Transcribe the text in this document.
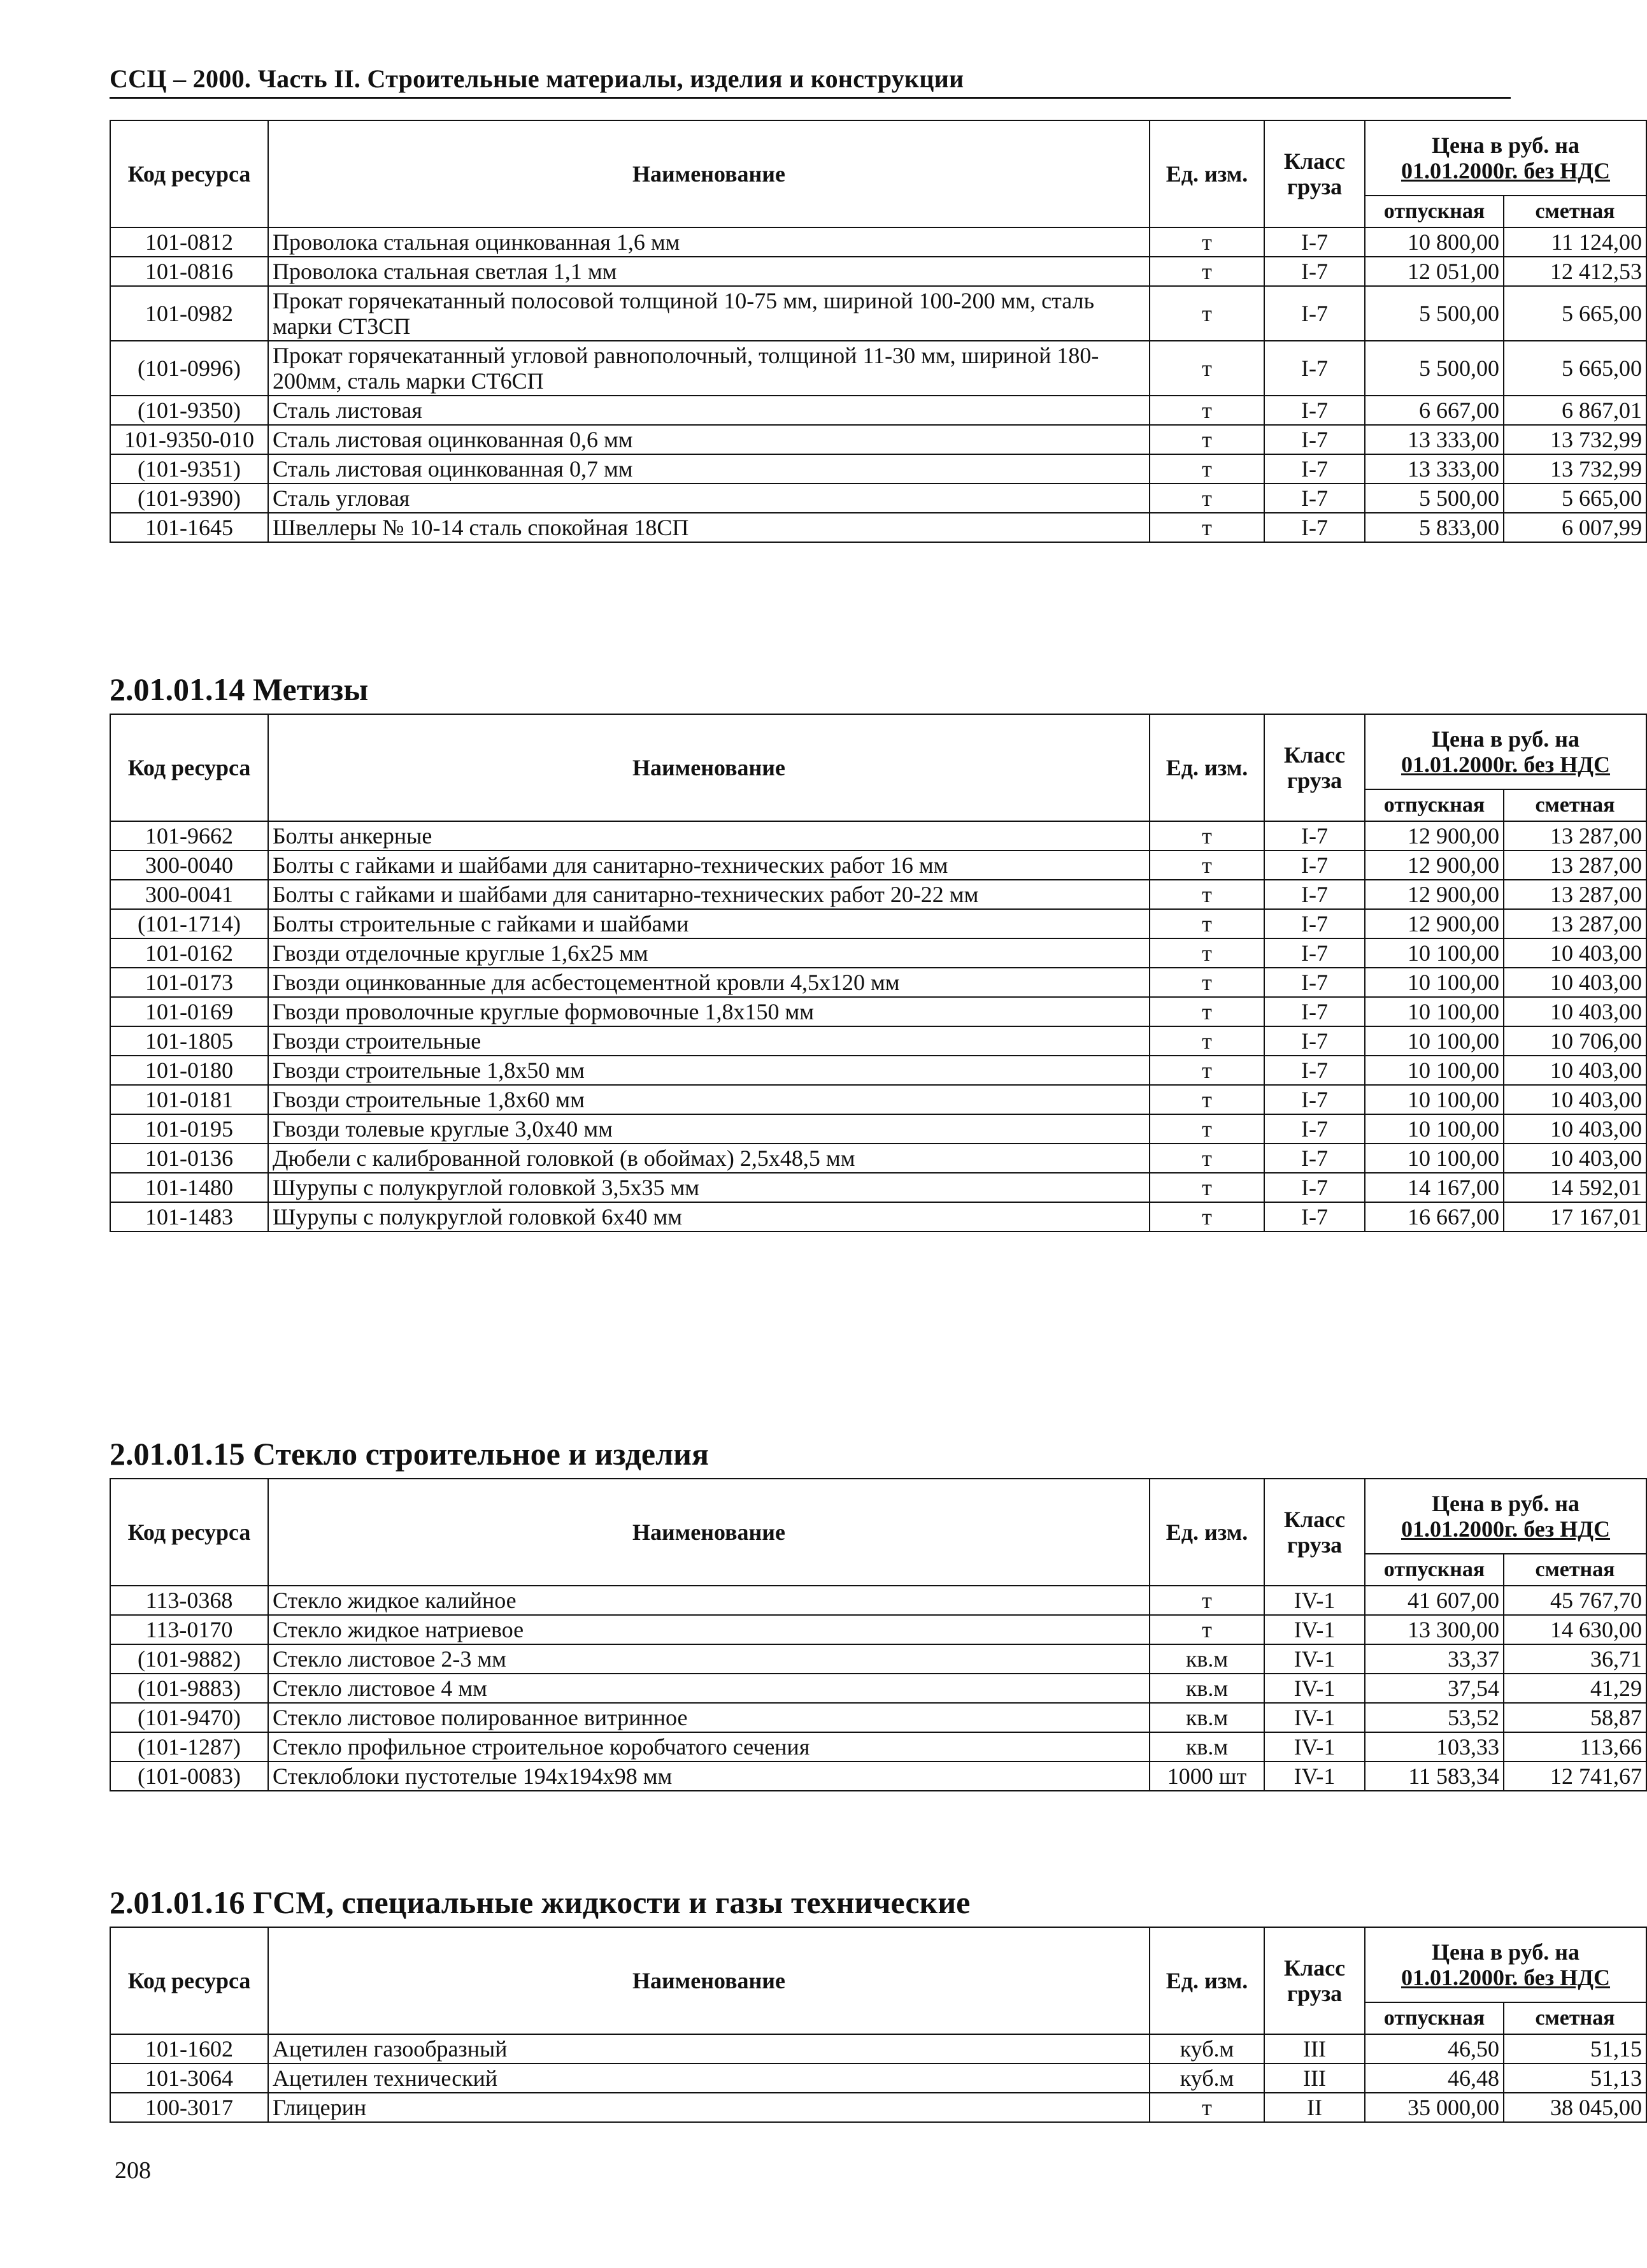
ССЦ – 2000. Часть II. Строительные материалы, изделия и конструкции
Код ресурса	Наименование	Ед. изм.	Класс
груза	Цена в руб. на
01.01.2000г. без НДС	
				отпускная	сметная
101-0812	Проволока стальная оцинкованная 1,6 мм	т	I-7	10 800,00	11 124,00
101-0816	Проволока стальная светлая 1,1 мм	т	I-7	12 051,00	12 412,53
101-0982	Прокат горячекатанный полосовой толщиной 10-75 мм, шириной 100-200 мм, сталь марки СТ3СП	т	I-7	5 500,00	5 665,00
(101-0996)	Прокат горячекатанный угловой равнополочный, толщиной 11-30 мм, шириной 180-200мм, сталь марки СТ6СП	т	I-7	5 500,00	5 665,00
(101-9350)	Сталь листовая	т	I-7	6 667,00	6 867,01
101-9350-010	Сталь листовая оцинкованная 0,6 мм	т	I-7	13 333,00	13 732,99
(101-9351)	Сталь листовая оцинкованная 0,7 мм	т	I-7	13 333,00	13 732,99
(101-9390)	Сталь угловая	т	I-7	5 500,00	5 665,00
101-1645	Швеллеры № 10-14 сталь спокойная 18СП	т	I-7	5 833,00	6 007,99
2.01.01.14 Метизы
Код ресурса	Наименование	Ед. изм.	Класс
груза	Цена в руб. на
01.01.2000г. без НДС	
				отпускная	сметная
101-9662	Болты анкерные	т	I-7	12 900,00	13 287,00
300-0040	Болты с гайками и шайбами для санитарно-технических работ 16 мм	т	I-7	12 900,00	13 287,00
300-0041	Болты с гайками и шайбами для санитарно-технических работ 20-22 мм	т	I-7	12 900,00	13 287,00
(101-1714)	Болты строительные с гайками и шайбами	т	I-7	12 900,00	13 287,00
101-0162	Гвозди отделочные круглые 1,6х25 мм	т	I-7	10 100,00	10 403,00
101-0173	Гвозди оцинкованные для асбестоцементной кровли 4,5х120 мм	т	I-7	10 100,00	10 403,00
101-0169	Гвозди проволочные круглые формовочные 1,8х150 мм	т	I-7	10 100,00	10 403,00
101-1805	Гвозди строительные	т	I-7	10 100,00	10 706,00
101-0180	Гвозди строительные 1,8х50 мм	т	I-7	10 100,00	10 403,00
101-0181	Гвозди строительные 1,8х60 мм	т	I-7	10 100,00	10 403,00
101-0195	Гвозди толевые круглые 3,0х40 мм	т	I-7	10 100,00	10 403,00
101-0136	Дюбели с калиброванной головкой (в обоймах) 2,5х48,5 мм	т	I-7	10 100,00	10 403,00
101-1480	Шурупы с полукруглой головкой 3,5х35 мм	т	I-7	14 167,00	14 592,01
101-1483	Шурупы с полукруглой головкой 6х40 мм	т	I-7	16 667,00	17 167,01
2.01.01.15 Стекло строительное и изделия
Код ресурса	Наименование	Ед. изм.	Класс
груза	Цена в руб. на
01.01.2000г. без НДС	
				отпускная	сметная
113-0368	Стекло жидкое калийное	т	IV-1	41 607,00	45 767,70
113-0170	Стекло жидкое натриевое	т	IV-1	13 300,00	14 630,00
(101-9882)	Стекло листовое 2-3 мм	кв.м	IV-1	33,37	36,71
(101-9883)	Стекло листовое 4 мм	кв.м	IV-1	37,54	41,29
(101-9470)	Стекло листовое полированное витринное	кв.м	IV-1	53,52	58,87
(101-1287)	Стекло профильное строительное коробчатого сечения	кв.м	IV-1	103,33	113,66
(101-0083)	Стеклоблоки пустотелые 194х194х98 мм	1000 шт	IV-1	11 583,34	12 741,67
2.01.01.16 ГСМ, специальные жидкости и газы технические
Код ресурса	Наименование	Ед. изм.	Класс
груза	Цена в руб. на
01.01.2000г. без НДС	
				отпускная	сметная
101-1602	Ацетилен газообразный	куб.м	III	46,50	51,15
101-3064	Ацетилен технический	куб.м	III	46,48	51,13
100-3017	Глицерин	т	II	35 000,00	38 045,00
208
